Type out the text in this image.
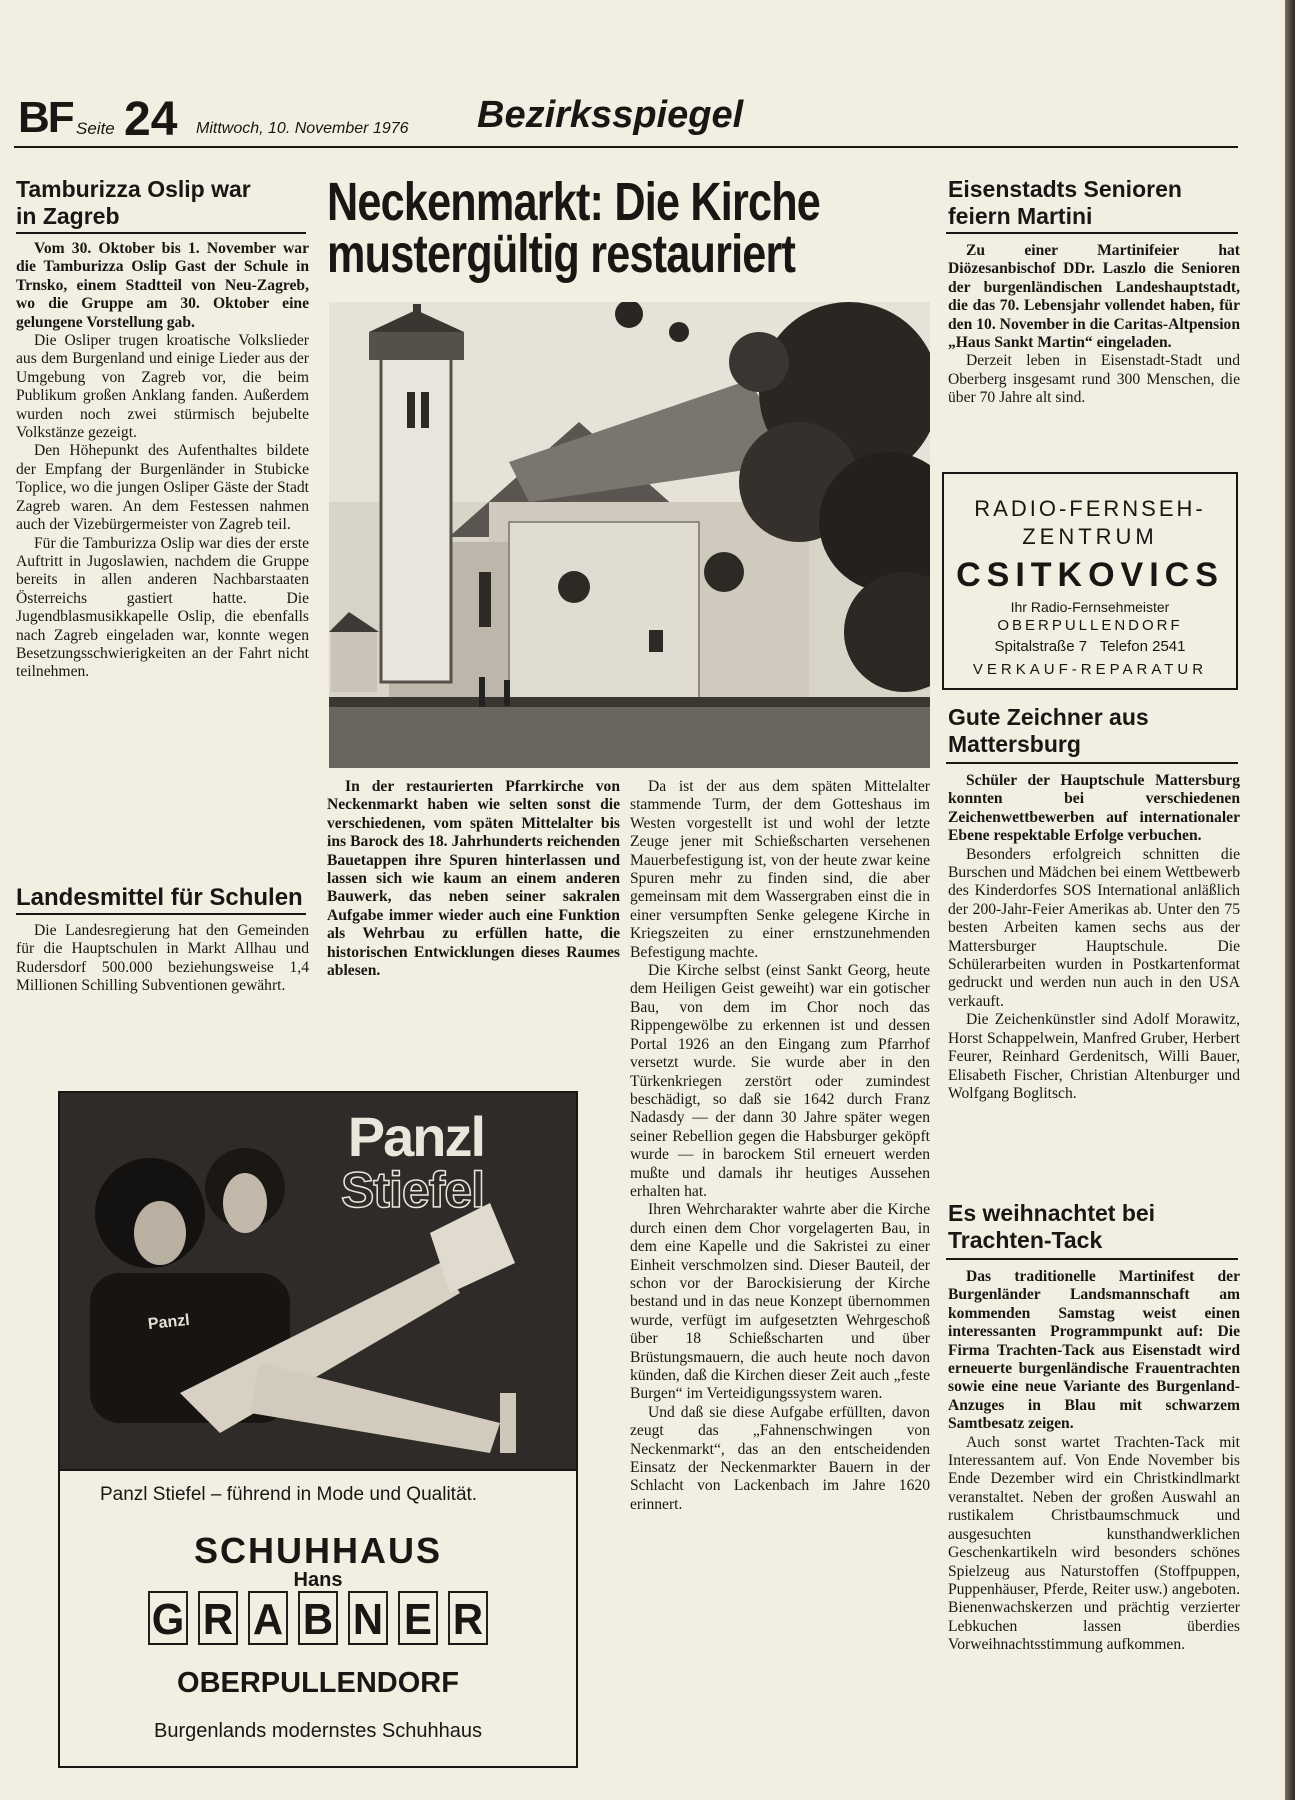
BF Seite 24 Mittwoch, 10. November 1976 Bezirksspiegel
Tamburizza Oslip war in Zagreb

Vom 30. Oktober bis 1. November war die Tamburizza Oslip Gast der Schule in Trnsko, einem Stadtteil von Neu-Zagreb, wo die Gruppe am 30. Oktober eine gelungene Vorstellung gab.

Die Osliper trugen kroatische Volkslieder aus dem Burgenland und einige Lieder aus der Umgebung von Zagreb vor, die beim Publikum großen Anklang fanden. Außerdem wurden noch zwei stürmisch bejubelte Volkstänze gezeigt.

Den Höhepunkt des Aufenthaltes bildete der Empfang der Burgenländer in Stubicke Toplice, wo die jungen Osliper Gäste der Stadt Zagreb waren. An dem Festessen nahmen auch der Vizebürgermeister von Zagreb teil.

Für die Tamburizza Oslip war dies der erste Auftritt in Jugoslawien, nachdem die Gruppe bereits in allen anderen Nachbarstaaten Österreichs gastiert hatte. Die Jugendblasmusikkapelle Oslip, die ebenfalls nach Zagreb eingeladen war, konnte wegen Besetzungsschwierigkeiten an der Fahrt nicht teilnehmen.

Landesmittel für Schulen

Die Landesregierung hat den Gemeinden für die Hauptschulen in Markt Allhau und Rudersdorf 500.000 beziehungsweise 1,4 Millionen Schilling Subventionen gewährt.

Neckenmarkt: Die Kirche
mustergültig restauriert

In der restaurierten Pfarrkirche von Neckenmarkt haben wie selten sonst die verschiedenen, vom späten Mittelalter bis ins Barock des 18. Jahrhunderts reichenden Bauetappen ihre Spuren hinterlassen und lassen sich wie kaum an einem anderen Bauwerk, das neben seiner sakralen Aufgabe immer wieder auch eine Funktion als Wehrbau zu erfüllen hatte, die historischen Entwicklungen dieses Raumes ablesen.

Da ist der aus dem späten Mittelalter stammende Turm, der dem Gotteshaus im Westen vorgestellt ist und wohl der letzte Zeuge jener mit Schießscharten versehenen Mauerbefestigung ist, von der heute zwar keine Spuren mehr zu finden sind, die aber gemeinsam mit dem Wassergraben einst die in einer versumpften Senke gelegene Kirche in Kriegszeiten zu einer ernstzunehmenden Befestigung machte.

Die Kirche selbst (einst Sankt Georg, heute dem Heiligen Geist geweiht) war ein gotischer Bau, von dem im Chor noch das Rippengewölbe zu erkennen ist und dessen Portal 1926 an den Eingang zum Pfarrhof versetzt wurde. Sie wurde aber in den Türkenkriegen zerstört oder zumindest beschädigt, so daß sie 1642 durch Franz Nadasdy — der dann 30 Jahre später wegen seiner Rebellion gegen die Habsburger geköpft wurde — in barockem Stil erneuert werden mußte und damals ihr heutiges Aussehen erhalten hat.

Ihren Wehrcharakter wahrte aber die Kirche durch einen dem Chor vorgelagerten Bau, in dem eine Kapelle und die Sakristei zu einer Einheit verschmolzen sind. Dieser Bauteil, der schon vor der Barockisierung der Kirche bestand und in das neue Konzept übernommen wurde, verfügt im aufgesetzten Wehrgeschoß über 18 Schießscharten und über Brüstungsmauern, die auch heute noch davon künden, daß die Kirchen dieser Zeit auch „feste Burgen“ im Verteidigungssystem waren.

Und daß sie diese Aufgabe erfüllten, davon zeugt das „Fahnenschwingen von Neckenmarkt“, das an den entscheidenden Einsatz der Neckenmarkter Bauern in der Schlacht von Lackenbach im Jahre 1620 erinnert.

Panzl
Stiefel
Panzl
Panzl Stiefel – führend in Mode und Qualität.
SCHUHHAUS
Hans
G R A B N E R
OBERPULLENDORF
Burgenlands modernstes Schuhhaus
Eisenstadts Senioren feiern Martini

Zu einer Martinifeier hat Diözesanbischof DDr. Laszlo die Senioren der burgenländischen Landeshauptstadt, die das 70. Lebensjahr vollendet haben, für den 10. November in die Caritas-Altpension „Haus Sankt Martin“ eingeladen.

Derzeit leben in Eisenstadt-Stadt und Oberberg insgesamt rund 300 Menschen, die über 70 Jahre alt sind.

RADIO-FERNSEH-
ZENTRUM
CSITKOVICS
Ihr Radio-Fernsehmeister
OBERPULLENDORF
Spitalstraße 7 Telefon 2541
VERKAUF-REPARATUR
Gute Zeichner aus Mattersburg

Schüler der Hauptschule Mattersburg konnten bei verschiedenen Zeichenwettbewerben auf internationaler Ebene respektable Erfolge verbuchen.

Besonders erfolgreich schnitten die Burschen und Mädchen bei einem Wettbewerb des Kinderdorfes SOS International anläßlich der 200-Jahr-Feier Amerikas ab. Unter den 75 besten Arbeiten kamen sechs aus der Mattersburger Hauptschule. Die Schülerarbeiten wurden in Postkartenformat gedruckt und werden nun auch in den USA verkauft.

Die Zeichenkünstler sind Adolf Morawitz, Horst Schappelwein, Manfred Gruber, Herbert Feurer, Reinhard Gerdenitsch, Willi Bauer, Elisabeth Fischer, Christian Altenburger und Wolfgang Boglitsch.

Es weihnachtet bei Trachten-Tack

Das traditionelle Martinifest der Burgenländer Landsmannschaft am kommenden Samstag weist einen interessanten Programmpunkt auf: Die Firma Trachten-Tack aus Eisenstadt wird erneuerte burgenländische Frauentrachten sowie eine neue Variante des Burgenland-Anzuges in Blau mit schwarzem Samtbesatz zeigen.

Auch sonst wartet Trachten-Tack mit Interessantem auf. Von Ende November bis Ende Dezember wird ein Christkindlmarkt veranstaltet. Neben der großen Auswahl an rustikalem Christbaumschmuck und ausgesuchten kunsthandwerklichen Geschenkartikeln wird besonders schönes Spielzeug aus Naturstoffen (Stoffpuppen, Puppenhäuser, Pferde, Reiter usw.) angeboten. Bienenwachskerzen und prächtig verzierter Lebkuchen lassen überdies Vorweihnachtsstimmung aufkommen.
